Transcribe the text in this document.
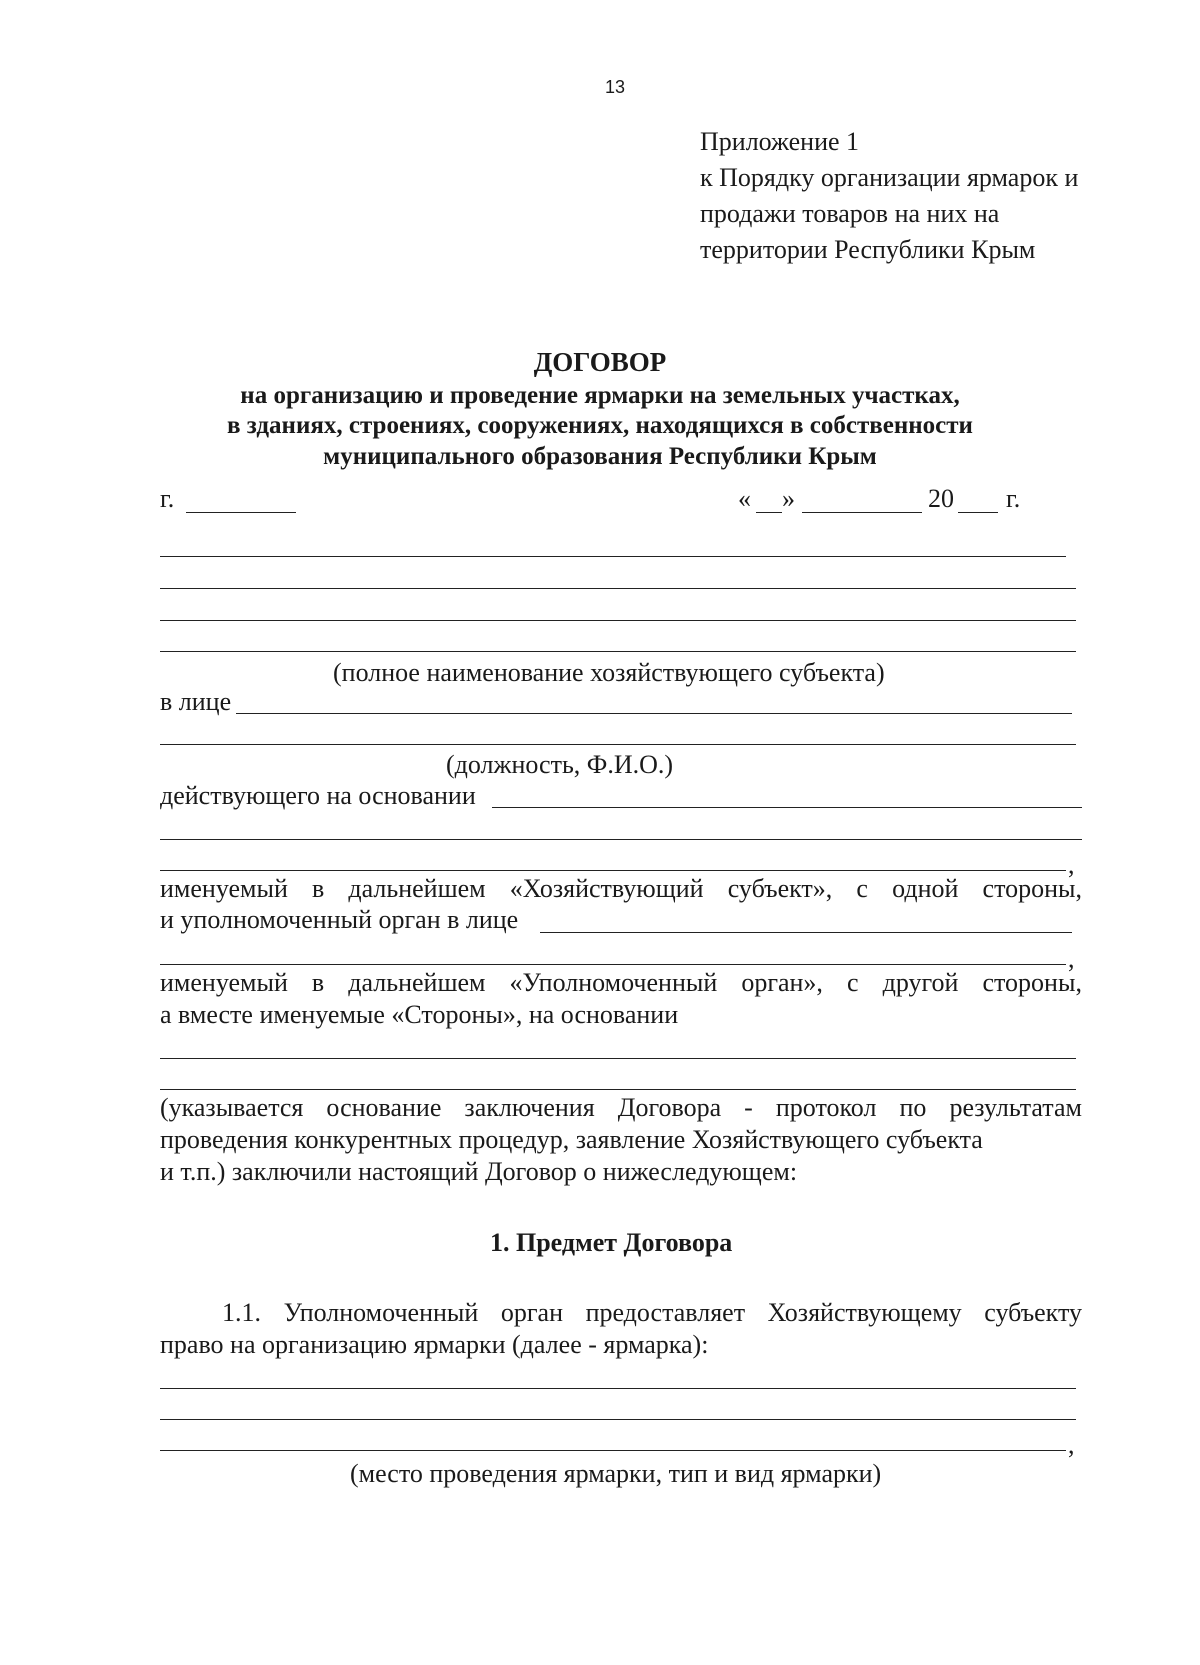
13
Приложение 1
к Порядку организации ярмарок и
продажи товаров на них на
территории Республики Крым
ДОГОВОР
на организацию и проведение ярмарки на земельных участках,
в зданиях, строениях, сооружениях, находящихся в собственности
муниципального образования Республики Крым
г.	« »	20 г.
(полное наименование хозяйствующего субъекта)
в лице
(должность, Ф.И.О.)
действующего на основании
,
именуемый в дальнейшем «Хозяйствующий субъект», с одной стороны,
и уполномоченный орган в лице
,
именуемый в дальнейшем «Уполномоченный орган», с другой стороны,
а вместе именуемые «Стороны», на основании
(указывается основание заключения Договора - протокол по результатам
проведения конкурентных процедур, заявление Хозяйствующего субъекта
и т.п.) заключили настоящий Договор о нижеследующем:
1. Предмет Договора
1.1. Уполномоченный орган предоставляет Хозяйствующему субъекту
право на организацию ярмарки (далее - ярмарка):
,
(место проведения ярмарки, тип и вид ярмарки)
